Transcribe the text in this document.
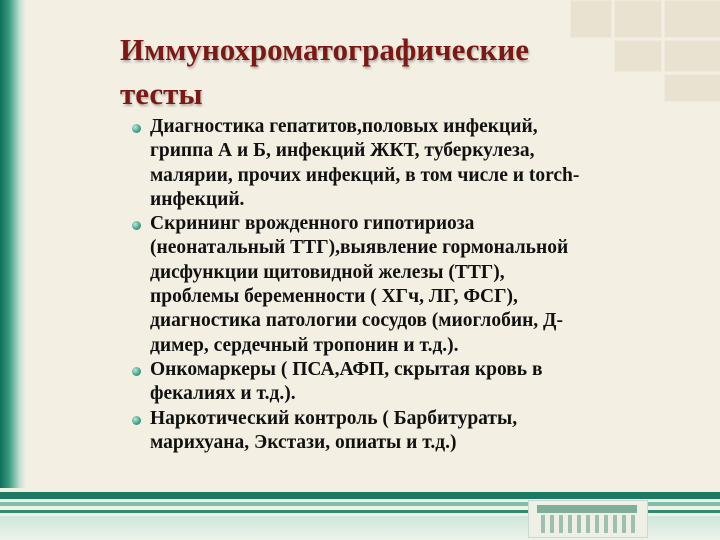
Иммунохроматографические
тесты
Диагностика гепатитов,половых инфекций,
гриппа А и Б, инфекций ЖКТ, туберкулеза,
малярии, прочих инфекций, в том числе и torch-
инфекций.
Скрининг врожденного гипотириоза
(неонатальный ТТГ),выявление гормональной
дисфункции щитовидной железы (ТТГ),
проблемы беременности ( ХГч, ЛГ, ФСГ),
диагностика патологии сосудов (миоглобин, Д-
димер, сердечный тропонин и т.д.).
Онкомаркеры ( ПСА,АФП, скрытая кровь в
фекалиях и т.д.).
Наркотический контроль ( Барбитураты,
марихуана, Экстази, опиаты и т.д.)
